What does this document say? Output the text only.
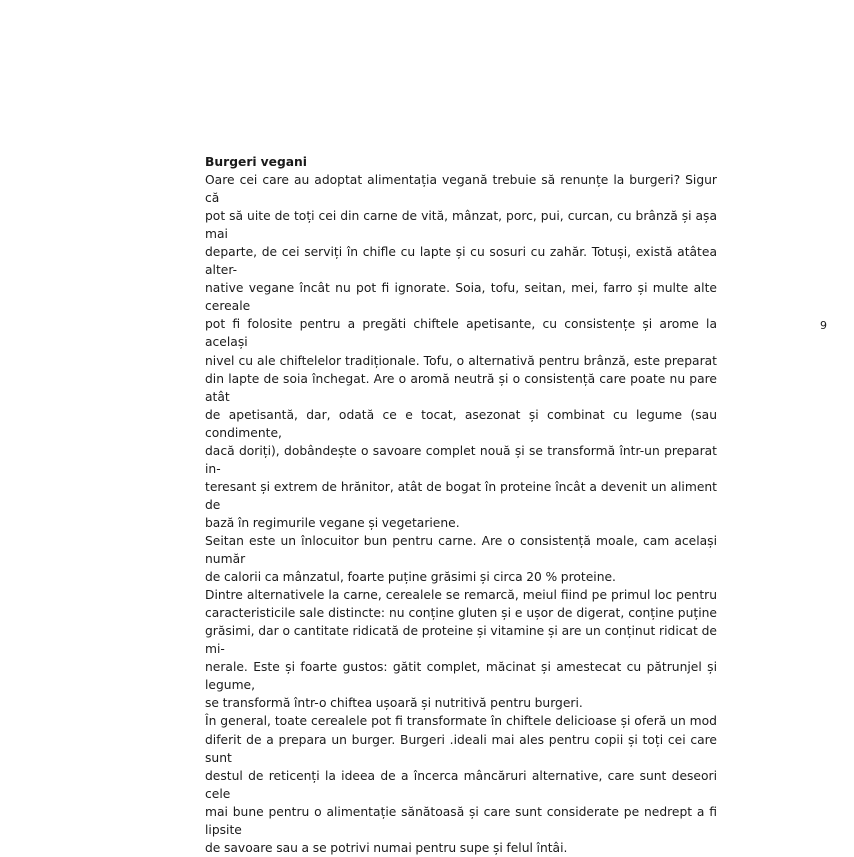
Burgeri vegani
Oare cei care au adoptat alimentația vegană trebuie să renunțe la burgeri? Sigur că
pot să uite de toți cei din carne de vită, mânzat, porc, pui, curcan, cu brânză și așa mai
departe, de cei serviți în chifle cu lapte și cu sosuri cu zahăr. Totuși, există atâtea alter-
native vegane încât nu pot fi ignorate. Soia, tofu, seitan, mei, farro și multe alte cereale
pot fi folosite pentru a pregăti chiftele apetisante, cu consistențe și arome la același
nivel cu ale chiftelelor tradiționale. Tofu, o alternativă pentru brânză, este preparat
din lapte de soia închegat. Are o aromă neutră și o consistență care poate nu pare atât
de apetisantă, dar, odată ce e tocat, asezonat și combinat cu legume (sau condimente,
dacă doriți), dobândește o savoare complet nouă și se transformă într-un preparat in-
teresant și extrem de hrănitor, atât de bogat în proteine încât a devenit un aliment de
bază în regimurile vegane și vegetariene.
Seitan este un înlocuitor bun pentru carne. Are o consistență moale, cam același număr
de calorii ca mânzatul, foarte puține grăsimi și circa 20 % proteine.
Dintre alternativele la carne, cerealele se remarcă, meiul fiind pe primul loc pentru
caracteristicile sale distincte: nu conține gluten și e ușor de digerat, conține puține
grăsimi, dar o cantitate ridicată de proteine și vitamine și are un conținut ridicat de mi-
nerale. Este și foarte gustos: gătit complet, măcinat și amestecat cu pătrunjel și legume,
se transformă într-o chiftea ușoară și nutritivă pentru burgeri.
În general, toate cerealele pot fi transformate în chiftele delicioase și oferă un mod
diferit de a prepara un burger. Burgeri .ideali mai ales pentru copii și toți cei care sunt
destul de reticenți la ideea de a încerca mâncăruri alternative, care sunt deseori cele
mai bune pentru o alimentație sănătoasă și care sunt considerate pe nedrept a fi lipsite
de savoare sau a se potrivi numai pentru supe și felul întâi.
9
